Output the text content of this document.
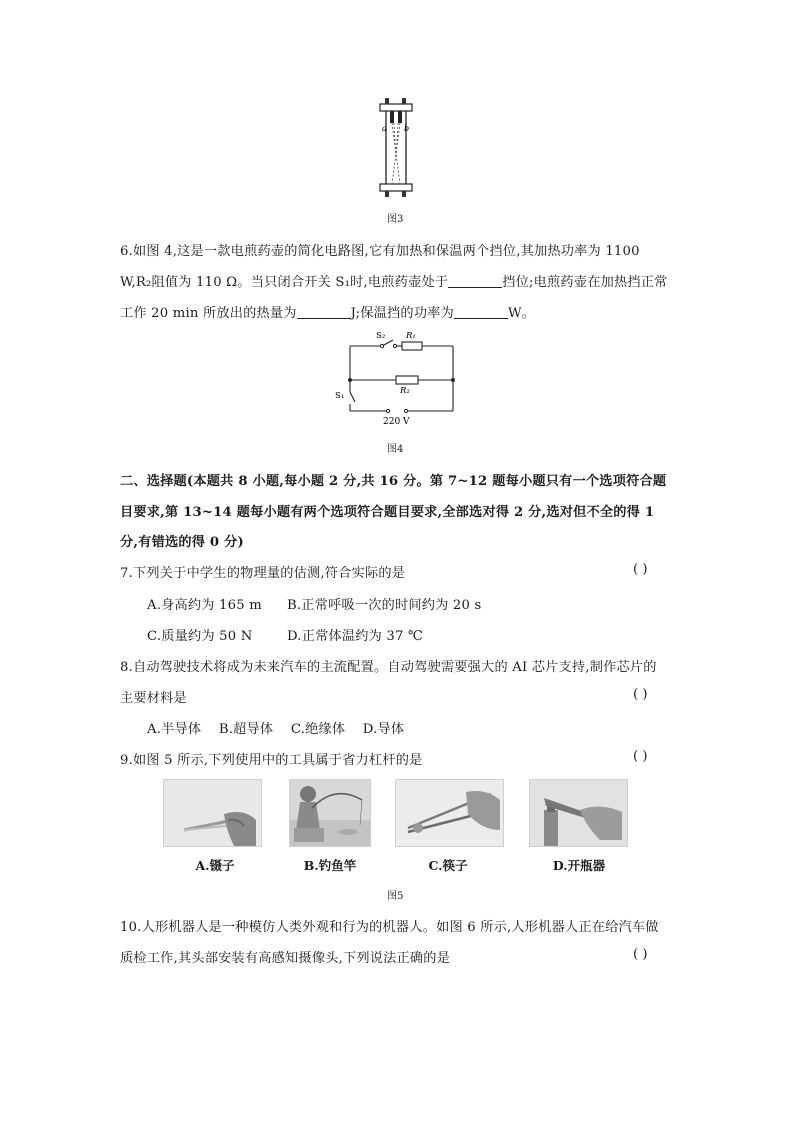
a b
图3
6.如图 4,这是一款电煎药壶的简化电路图,它有加热和保温两个挡位,其加热功率为 1100
W,R₂阻值为 110 Ω。当只闭合开关 S₁时,电煎药壶处于	挡位;电煎药壶在加热挡正常
工作 20 min 所放出的热量为	J;保温挡的功率为	W。
S₂ R₁
R₂
S₁
220 V
图4
二、选择题(本题共 8 小题,每小题 2 分,共 16 分。第 7~12 题每小题只有一个选项符合题
目要求,第 13~14 题每小题有两个选项符合题目要求,全部选对得 2 分,选对但不全的得 1
分,有错选的得 0 分)
7.下列关于中学生的物理量的估测,符合实际的是	( )
A.身高约为 165 m B.正常呼吸一次的时间约为 20 s
C.质量约为 50 N	D.正常体温约为 37 ℃
8.自动驾驶技术将成为未来汽车的主流配置。自动驾驶需要强大的 AI 芯片支持,制作芯片的
主要材料是	( )
A.半导体    B.超导体    C.绝缘体    D.导体
9.如图 5 所示,下列使用中的工具属于省力杠杆的是	( )
A.镊子	B.钓鱼竿	C.筷子	D.开瓶器
图5
10.人形机器人是一种模仿人类外观和行为的机器人。如图 6 所示,人形机器人正在给汽车做
质检工作,其头部安装有高感知摄像头,下列说法正确的是	( )
